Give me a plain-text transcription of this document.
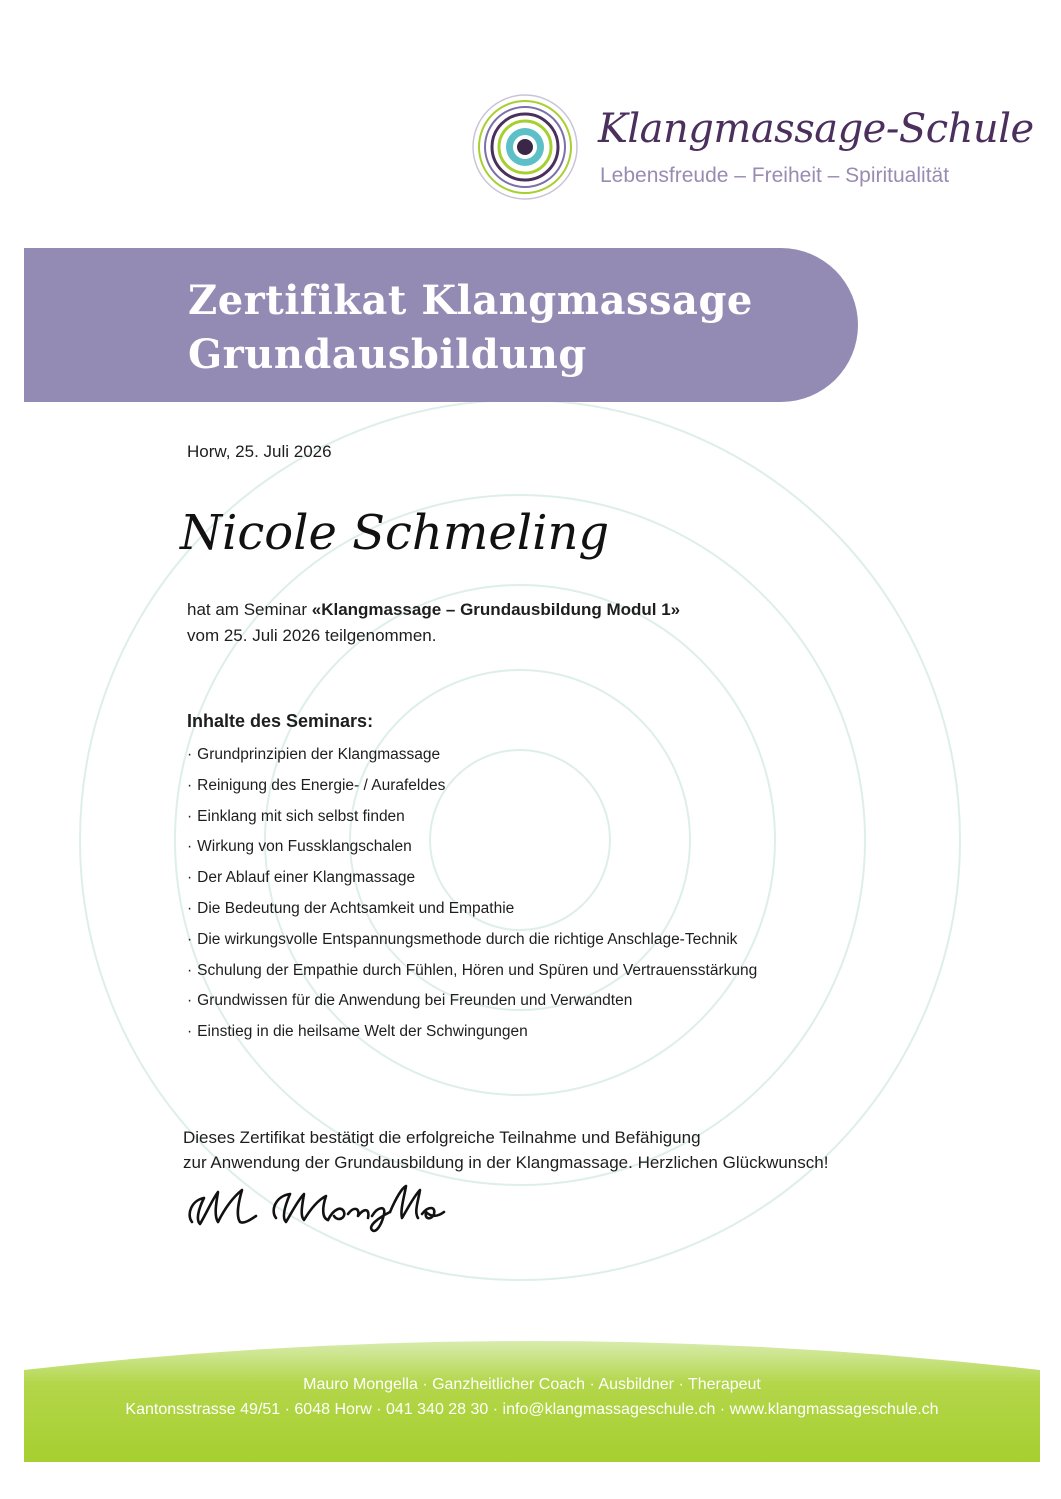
Klangmassage-Schule
Lebensfreude – Freiheit – Spiritualität
Zertifikat Klangmassage
Grundausbildung
Horw, 25. Juli 2026
Nicole Schmeling
hat am Seminar «Klangmassage – Grundausbildung Modul 1»
vom 25. Juli 2026 teilgenommen.
Inhalte des Seminars:
· Grundprinzipien der Klangmassage
· Reinigung des Energie- / Aurafeldes
· Einklang mit sich selbst finden
· Wirkung von Fussklangschalen
· Der Ablauf einer Klangmassage
· Die Bedeutung der Achtsamkeit und Empathie
· Die wirkungsvolle Entspannungsmethode durch die richtige Anschlage-Technik
· Schulung der Empathie durch Fühlen, Hören und Spüren und Vertrauensstärkung
· Grundwissen für die Anwendung bei Freunden und Verwandten
· Einstieg in die heilsame Welt der Schwingungen
Dieses Zertifikat bestätigt die erfolgreiche Teilnahme und Befähigung
zur Anwendung der Grundausbildung in der Klangmassage. Herzlichen Glückwunsch!
Mauro Mongella · Ganzheitlicher Coach · Ausbildner · Therapeut
Kantonsstrasse 49/51 · 6048 Horw · 041 340 28 30 · info@klangmassageschule.ch · www.klangmassageschule.ch
